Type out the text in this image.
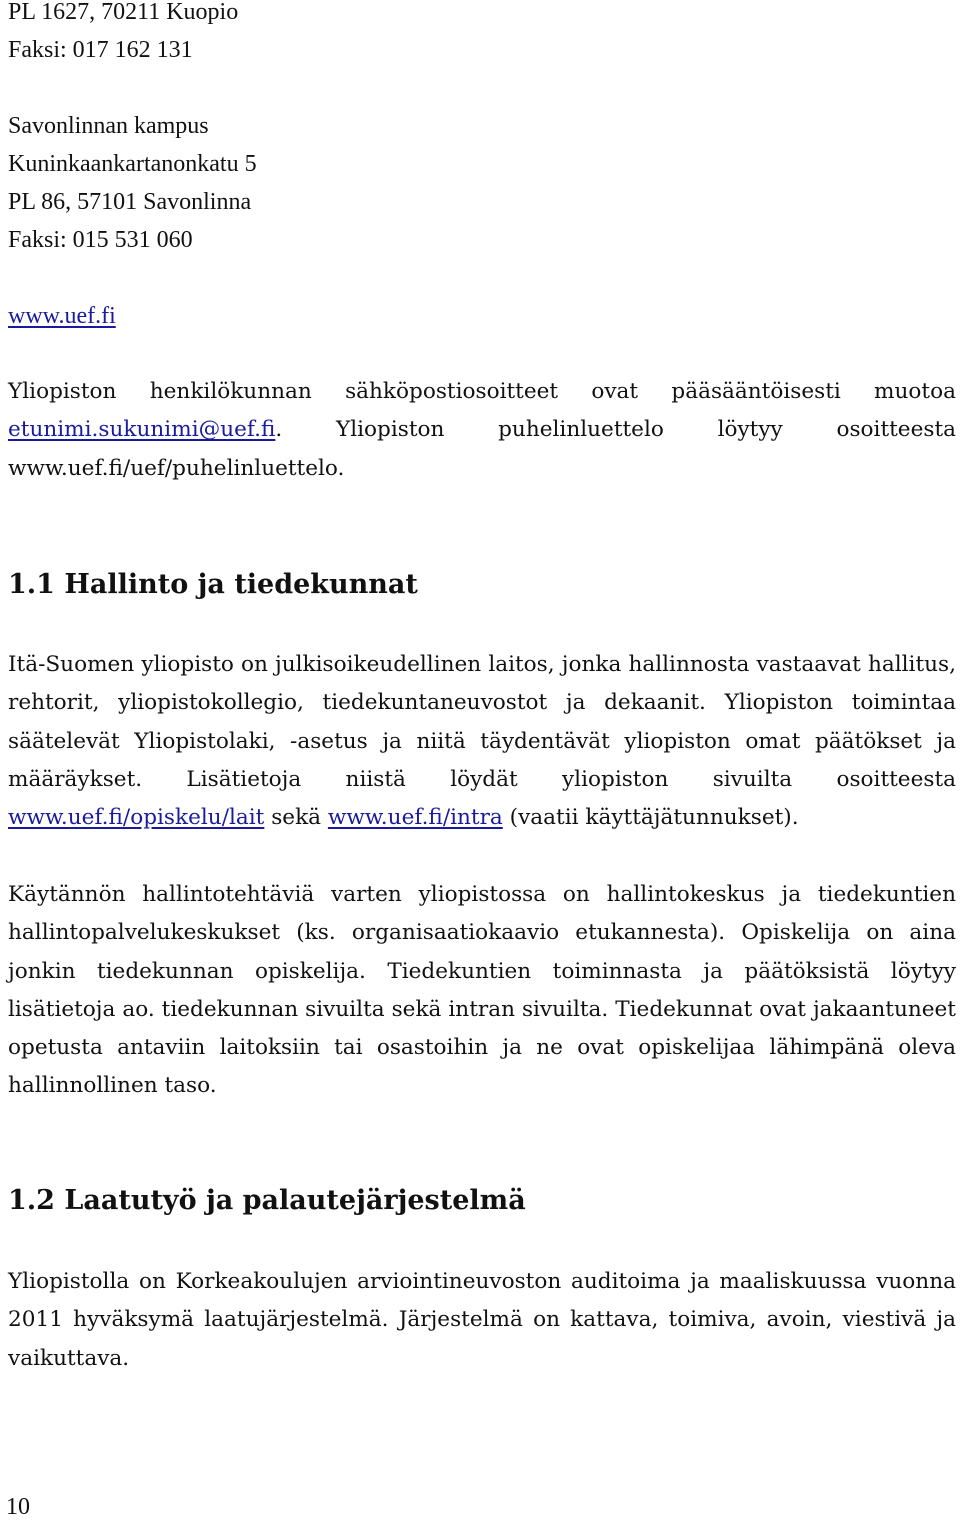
PL 1627, 70211 Kuopio
Faksi: 017 162 131
Savonlinnan kampus
Kuninkaankartanonkatu 5
PL 86, 57101 Savonlinna
Faksi: 015 531 060
www.uef.fi

Yliopiston henkilökunnan sähköpostiosoitteet ovat pääsääntöisesti muotoa etunimi.sukunimi@uef.fi. Yliopiston puhelinluettelo löytyy osoitteesta www.uef.fi/uef/puhelinluettelo.

1.1 Hallinto ja tiedekunnat

Itä-Suomen yliopisto on julkisoikeudellinen laitos, jonka hallinnosta vastaavat hallitus, rehtorit, yliopistokollegio, tiedekuntaneuvostot ja dekaanit. Yliopiston toimintaa säätelevät Yliopistolaki, -asetus ja niitä täydentävät yliopiston omat päätökset ja määräykset. Lisätietoja niistä löydät yliopiston sivuilta osoitteesta www.uef.fi/opiskelu/lait sekä www.uef.fi/intra (vaatii käyttäjätunnukset).

Käytännön hallintotehtäviä varten yliopistossa on hallintokeskus ja tiedekuntien hallintopalvelukeskukset (ks. organisaatiokaavio etukannesta). Opiskelija on aina jonkin tiedekunnan opiskelija. Tiedekuntien toiminnasta ja päätöksistä löytyy lisätietoja ao. tiedekunnan sivuilta sekä intran sivuilta. Tiedekunnat ovat jakaantuneet opetusta antaviin laitoksiin tai osastoihin ja ne ovat opiskelijaa lähimpänä oleva hallinnollinen taso.

1.2 Laatutyö ja palautejärjestelmä

Yliopistolla on Korkeakoulujen arviointineuvoston auditoima ja maaliskuussa vuonna 2011 hyväksymä laatujärjestelmä. Järjestelmä on kattava, toimiva, avoin, viestivä ja vaikuttava.

10
